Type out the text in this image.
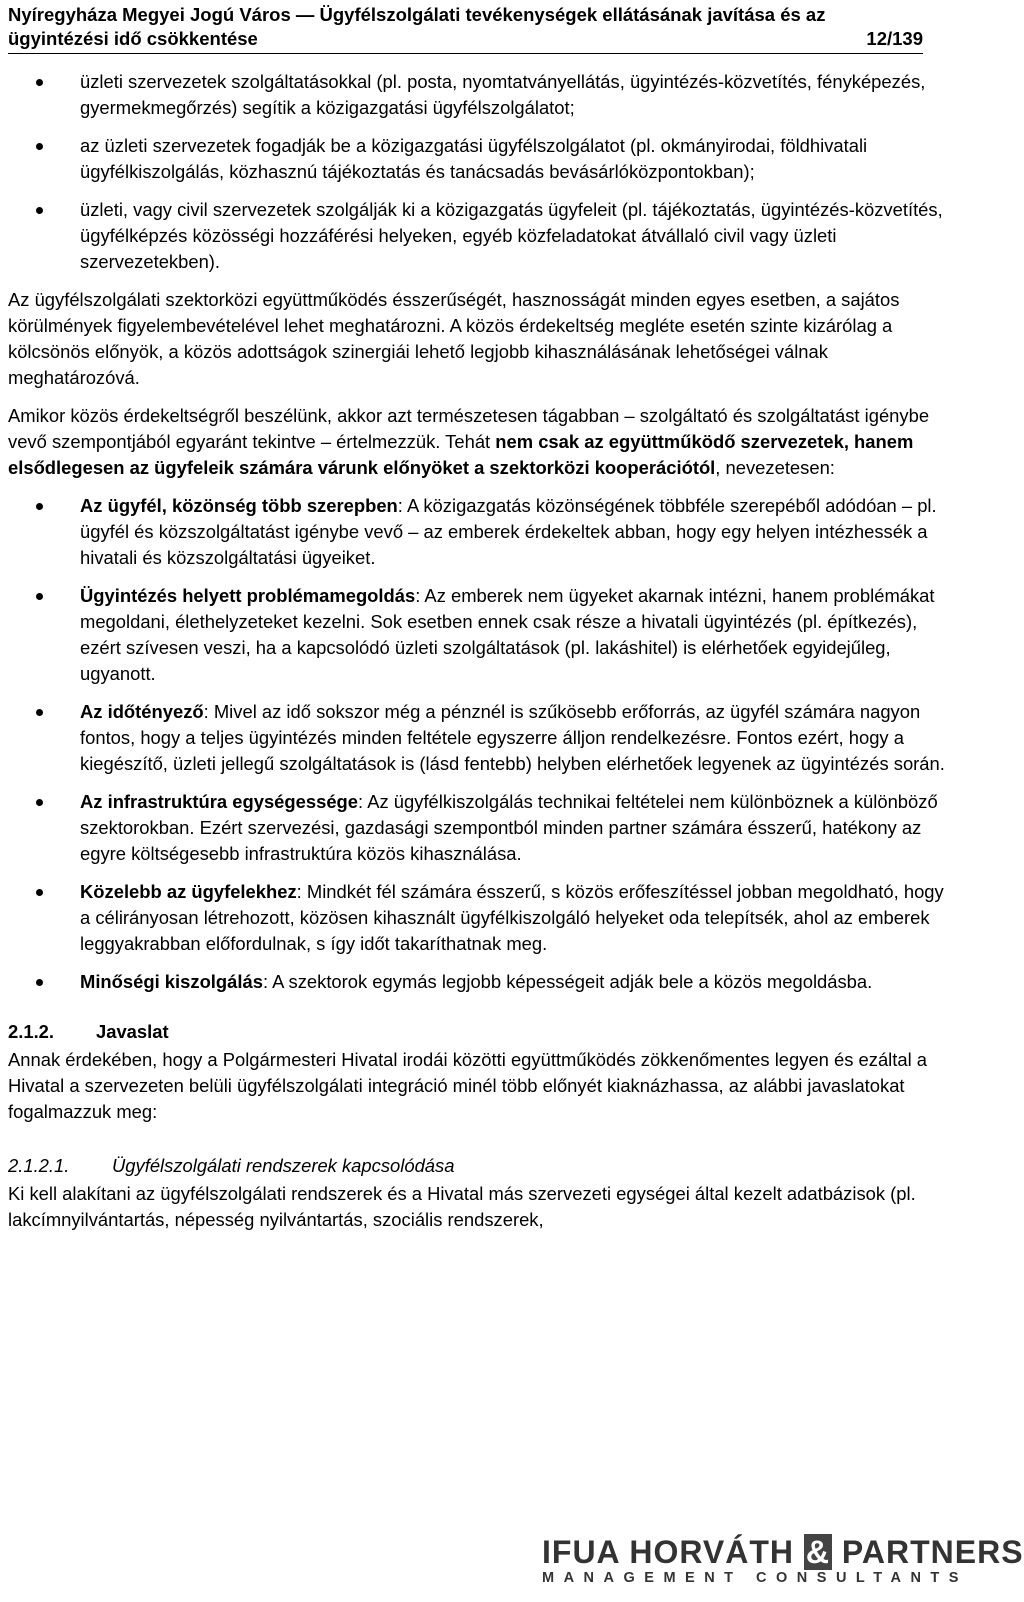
Nyíregyháza Megyei Jogú Város — Ügyfélszolgálati tevékenységek ellátásának javítása és az
ügyintézési idő csökkentése	12/139
üzleti szervezetek szolgáltatásokkal (pl. posta, nyomtatványellátás, ügyintézés-közvetítés, fényképezés, gyermekmegőrzés) segítik a közigazgatási ügyfélszolgálatot;
az üzleti szervezetek fogadják be a közigazgatási ügyfélszolgálatot (pl. okmányirodai, földhivatali ügyfélkiszolgálás, közhasznú tájékoztatás és tanácsadás bevásárlóközpontokban);
üzleti, vagy civil szervezetek szolgálják ki a közigazgatás ügyfeleit (pl. tájékoztatás, ügyintézés-közvetítés, ügyfélképzés közösségi hozzáférési helyeken, egyéb közfeladatokat átvállaló civil vagy üzleti szervezetekben).

Az ügyfélszolgálati szektorközi együttműködés ésszerűségét, hasznosságát minden egyes esetben, a sajátos körülmények figyelembevételével lehet meghatározni. A közös érdekeltség megléte esetén szinte kizárólag a kölcsönös előnyök, a közös adottságok szinergiái lehető legjobb kihasználásának lehetőségei válnak meghatározóvá.

Amikor közös érdekeltségről beszélünk, akkor azt természetesen tágabban – szolgáltató és szolgáltatást igénybe vevő szempontjából egyaránt tekintve – értelmezzük. Tehát nem csak az együttműködő szervezetek, hanem elsődlegesen az ügyfeleik számára várunk előnyöket a szektorközi kooperációtól, nevezetesen:

Az ügyfél, közönség több szerepben: A közigazgatás közönségének többféle szerepéből adódóan – pl. ügyfél és közszolgáltatást igénybe vevő – az emberek érdekeltek abban, hogy egy helyen intézhessék a hivatali és közszolgáltatási ügyeiket.
Ügyintézés helyett problémamegoldás: Az emberek nem ügyeket akarnak intézni, hanem problémákat megoldani, élethelyzeteket kezelni. Sok esetben ennek csak része a hivatali ügyintézés (pl. építkezés), ezért szívesen veszi, ha a kapcsolódó üzleti szolgáltatások (pl. lakáshitel) is elérhetőek egyidejűleg, ugyanott.
Az időtényező: Mivel az idő sokszor még a pénznél is szűkösebb erőforrás, az ügyfél számára nagyon fontos, hogy a teljes ügyintézés minden feltétele egyszerre álljon rendelkezésre. Fontos ezért, hogy a kiegészítő, üzleti jellegű szolgáltatások is (lásd fentebb) helyben elérhetőek legyenek az ügyintézés során.
Az infrastruktúra egységessége: Az ügyfélkiszolgálás technikai feltételei nem különböznek a különböző szektorokban. Ezért szervezési, gazdasági szempontból minden partner számára ésszerű, hatékony az egyre költségesebb infrastruktúra közös kihasználása.
Közelebb az ügyfelekhez: Mindkét fél számára ésszerű, s közös erőfeszítéssel jobban megoldható, hogy a célirányosan létrehozott, közösen kihasznált ügyfélkiszolgáló helyeket oda telepítsék, ahol az emberek leggyakrabban előfordulnak, s így időt takaríthatnak meg.
Minőségi kiszolgálás: A szektorok egymás legjobb képességeit adják bele a közös megoldásba.
2.1.2.	Javaslat

Annak érdekében, hogy a Polgármesteri Hivatal irodái közötti együttműködés zökkenőmentes legyen és ezáltal a Hivatal a szervezeten belüli ügyfélszolgálati integráció minél több előnyét kiaknázhassa, az alábbi javaslatokat fogalmazzuk meg:

2.1.2.1.	Ügyfélszolgálati rendszerek kapcsolódása

Ki kell alakítani az ügyfélszolgálati rendszerek és a Hivatal más szervezeti egységei által kezelt adatbázisok (pl. lakcímnyilvántartás, népesség nyilvántartás, szociális rendszerek,

IFUA HORVÁTH & PARTNERS
MANAGEMENT CONSULTANTS
